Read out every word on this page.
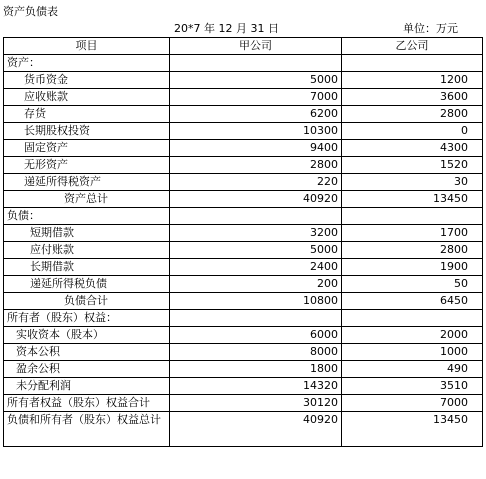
资产负债表
20*7 年 12 月 31 日	单位：万元
项目	甲公司	乙公司
资产：		
货币资金	5000	1200
应收账款	7000	3600
存货	6200	2800
长期股权投资	10300	0
固定资产	9400	4300
无形资产	2800	1520
递延所得税资产	220	30
资产总计	40920	13450
负债：		
短期借款	3200	1700
应付账款	5000	2800
长期借款	2400	1900
递延所得税负债	200	50
负债合计	10800	6450
所有者（股东）权益：		
实收资本（股本）	6000	2000
资本公积	8000	1000
盈余公积	1800	490
未分配利润	14320	3510
所有者权益（股东）权益合计	30120	7000
负债和所有者（股东）权益总计	40920	13450
